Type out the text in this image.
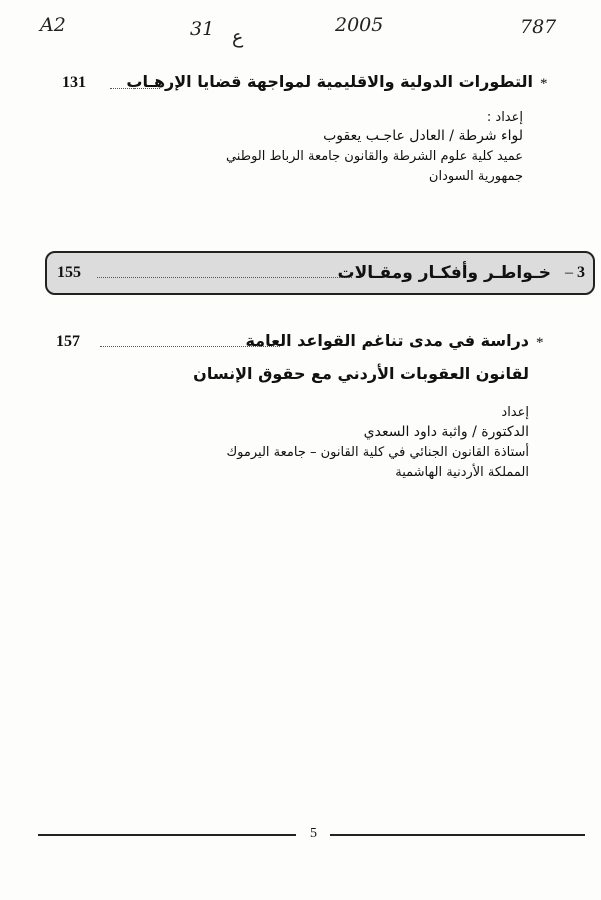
A2	31 ع
2005	787
*
التطورات الدولية والاقليمية لمواجهة قضايا الإرهـاب
131
إعداد :
لواء شرطة / العادل عاجـب يعقوب
عميد كلية علوم الشرطة والقانون جامعة الرباط الوطني
جمهورية السودان
3
–
خـواطـر وأفكـار ومقـالات
155
*
دراسة في مدى تناغم القواعد العامة
157
لقانون العقوبات الأردني مع حقوق الإنسان
إعداد
الدكتورة / واثبة داود السعدي
أستاذة القانون الجنائي في كلية القانون – جامعة اليرموك
المملكة الأردنية الهاشمية
5
